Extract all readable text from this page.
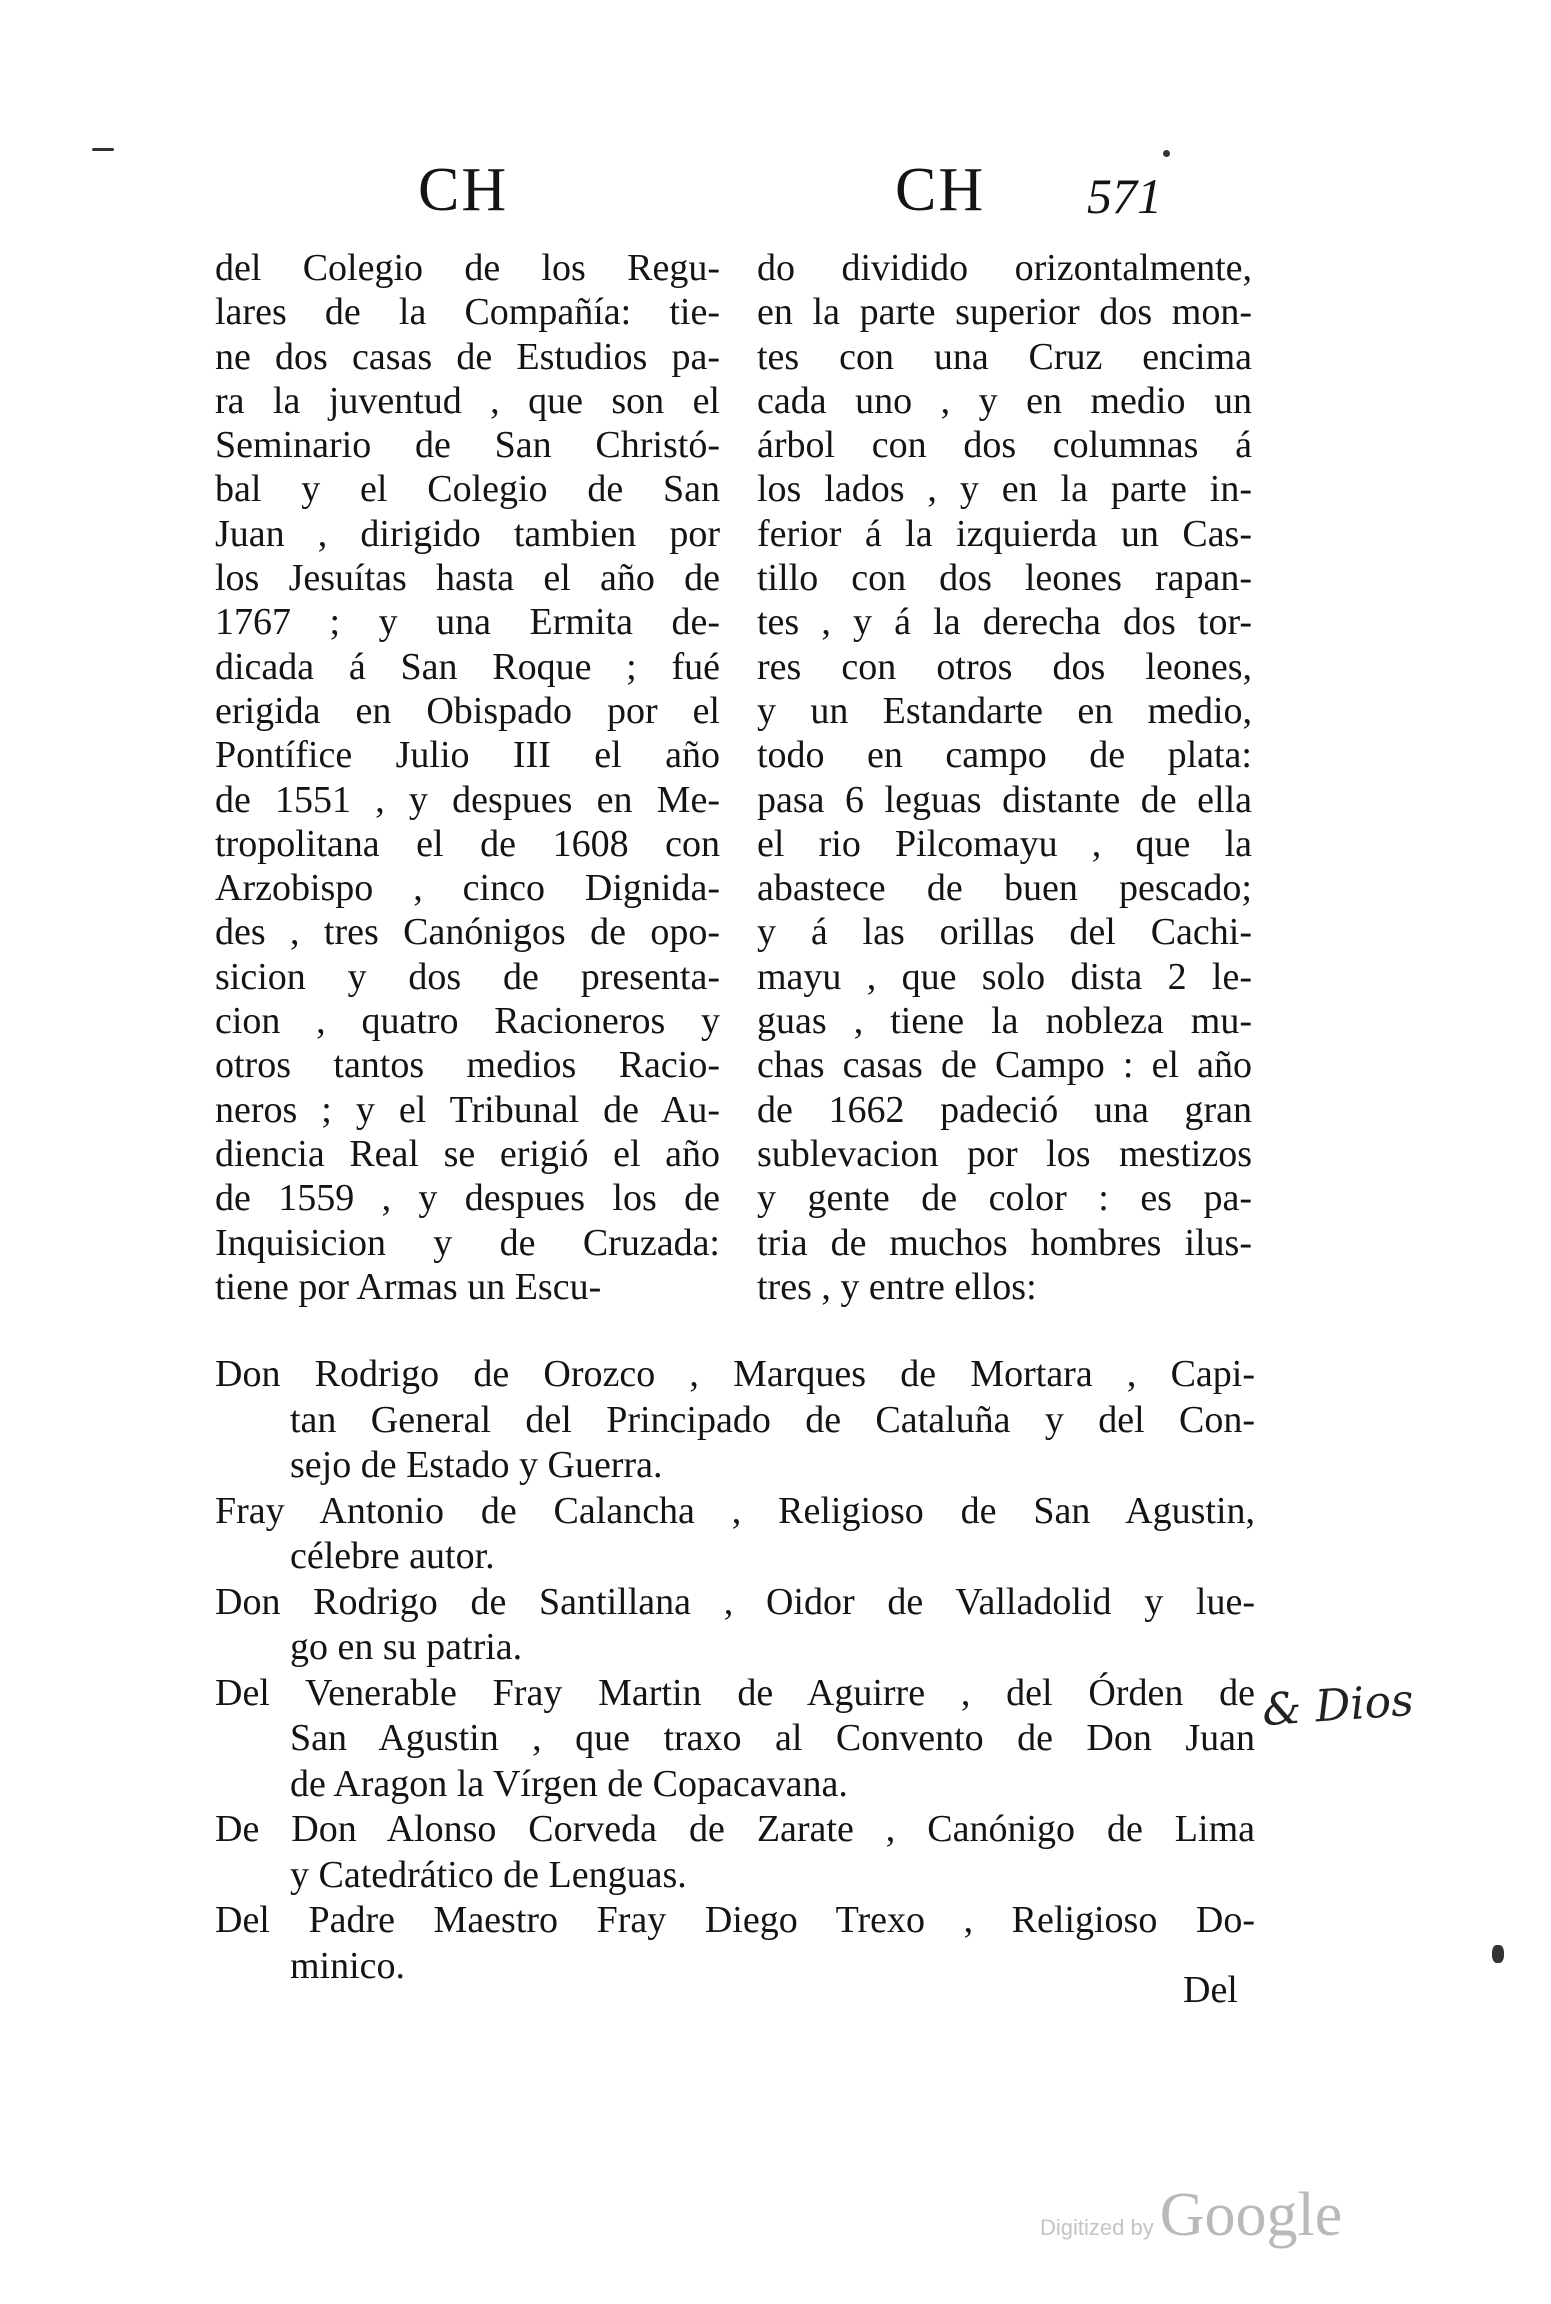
CH	CH 571
del Colegio de los Regu-
lares de la Compañía: tie-
ne dos casas de Estudios pa-
ra la juventud , que son el
Seminario de San Christó-
bal y el Colegio de San
Juan , dirigido tambien por
los Jesuítas hasta el año de
1767 ; y una Ermita de-
dicada á San Roque ; fué
erigida en Obispado por el
Pontífice Julio III el año
de 1551 , y despues en Me-
tropolitana el de 1608 con
Arzobispo , cinco Dignida-
des , tres Canónigos de opo-
sicion y dos de presenta-
cion , quatro Racioneros y
otros tantos medios Racio-
neros ; y el Tribunal de Au-
diencia Real se erigió el año
de 1559 , y despues los de
Inquisicion y de Cruzada:
tiene por Armas un Escu-
do dividido orizontalmente,
en la parte superior dos mon-
tes con una Cruz encima
cada uno , y en medio un
árbol con dos columnas á
los lados , y en la parte in-
ferior á la izquierda un Cas-
tillo con dos leones rapan-
tes , y á la derecha dos tor-
res con otros dos leones,
y un Estandarte en medio,
todo en campo de plata:
pasa 6 leguas distante de ella
el rio Pilcomayu , que la
abastece de buen pescado;
y á las orillas del Cachi-
mayu , que solo dista 2 le-
guas , tiene la nobleza mu-
chas casas de Campo : el año
de 1662 padeció una gran
sublevacion por los mestizos
y gente de color : es pa-
tria de muchos hombres ilus-
tres , y entre ellos:
Don Rodrigo de Orozco , Marques de Mortara , Capi-
tan General del Principado de Cataluña y del Con-
sejo de Estado y Guerra.
Fray Antonio de Calancha , Religioso de San Agustin,
célebre autor.
Don Rodrigo de Santillana , Oidor de Valladolid y lue-
go en su patria.
Del Venerable Fray Martin de Aguirre , del Órden de
San Agustin , que traxo al Convento de Don Juan
de Aragon la Vírgen de Copacavana.
De Don Alonso Corveda de Zarate , Canónigo de Lima
y Catedrático de Lenguas.
Del Padre Maestro Fray Diego Trexo , Religioso Do-
minico.
& Dios
Del
Digitized by Google
